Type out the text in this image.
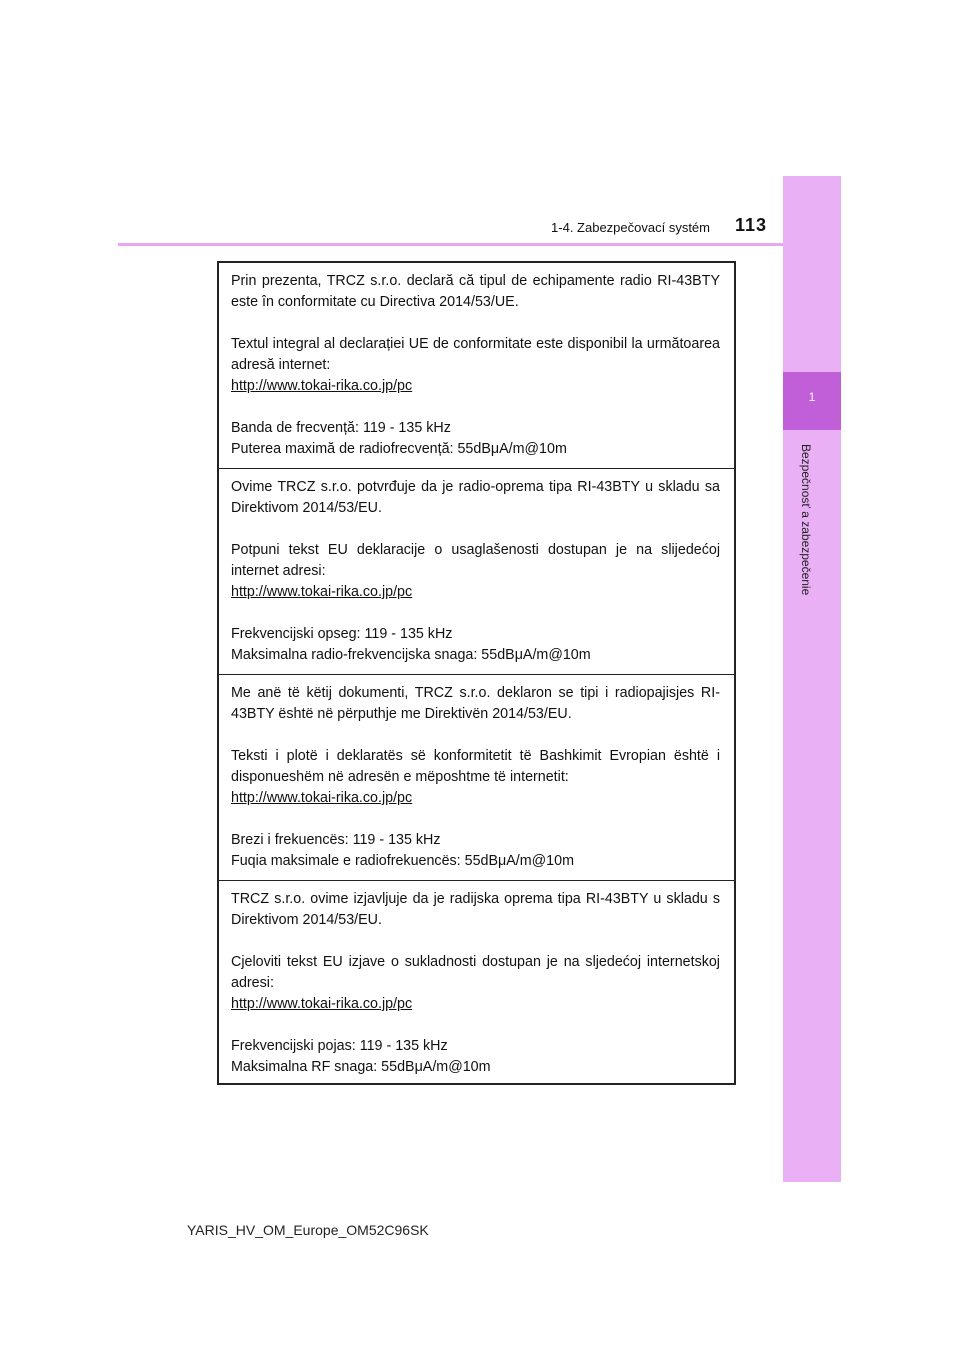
1-4. Zabezpečovací systém 113
1
Bezpečnosť a zabezpečenie

Prin prezenta, TRCZ s.r.o. declară că tipul de echipamente radio RI-43BTY este în conformitate cu Directiva 2014/53/UE.

Textul integral al declarației UE de conformitate este disponibil la următoarea adresă internet:
http://www.tokai-rika.co.jp/pc

Banda de frecvență: 119 - 135 kHz

Puterea maximă de radiofrecvență: 55dBμA/m@10m

Ovime TRCZ s.r.o. potvrđuje da je radio-oprema tipa RI-43BTY u skladu sa Direktivom 2014/53/EU.

Potpuni tekst EU deklaracije o usaglašenosti dostupan je na slijedećoj internet adresi:
http://www.tokai-rika.co.jp/pc

Frekvencijski opseg: 119 - 135 kHz

Maksimalna radio-frekvencijska snaga: 55dBμA/m@10m

Me anë të këtij dokumenti, TRCZ s.r.o. deklaron se tipi i radiopajisjes RI-43BTY është në përputhje me Direktivën 2014/53/EU.

Teksti i plotë i deklaratës së konformitetit të Bashkimit Evropian është i disponueshëm në adresën e mëposhtme të internetit:
http://www.tokai-rika.co.jp/pc

Brezi i frekuencës: 119 - 135 kHz

Fuqia maksimale e radiofrekuencës: 55dBμA/m@10m

TRCZ s.r.o. ovime izjavljuje da je radijska oprema tipa RI-43BTY u skladu s Direktivom 2014/53/EU.

Cjeloviti tekst EU izjave o sukladnosti dostupan je na sljedećoj internetskoj adresi:
http://www.tokai-rika.co.jp/pc

Frekvencijski pojas: 119 - 135 kHz

Maksimalna RF snaga: 55dBμA/m@10m

YARIS_HV_OM_Europe_OM52C96SK
